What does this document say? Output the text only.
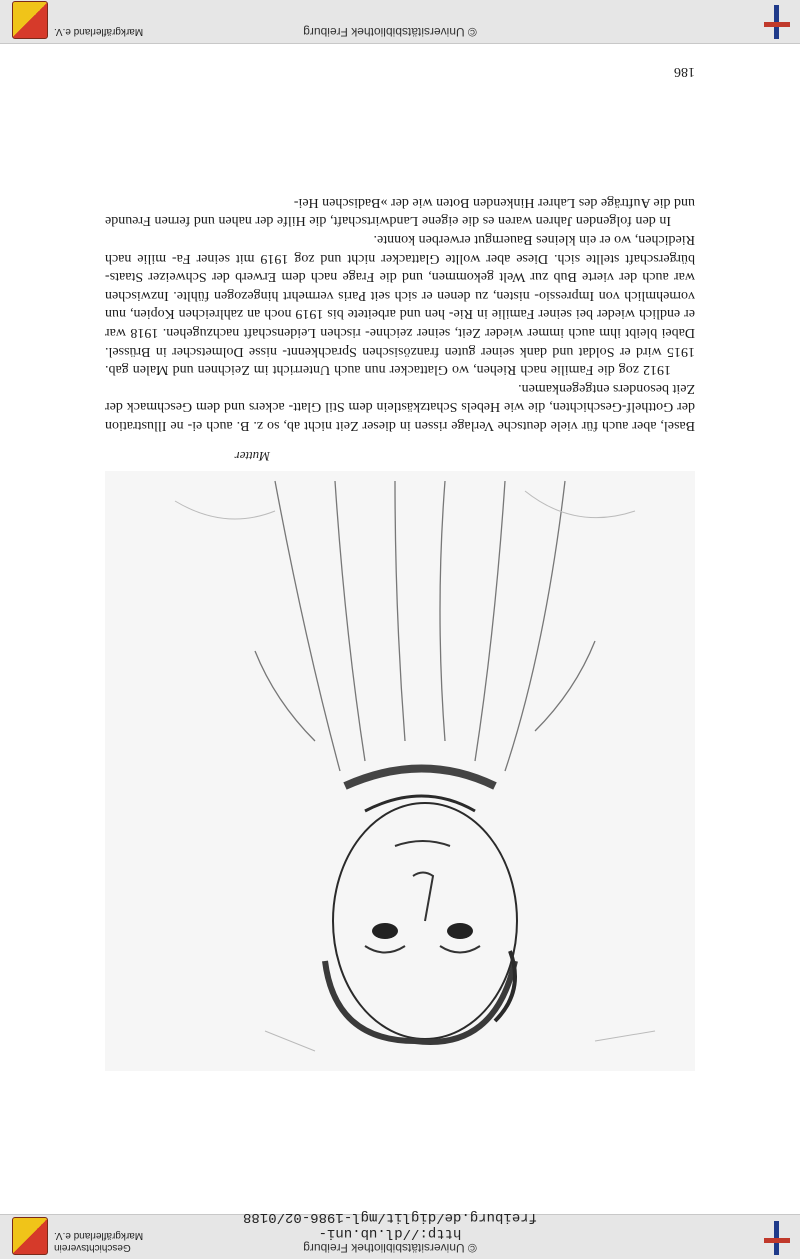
© Universitätsbibliothek Freiburg
http://dl.ub.uni-freiburg.de/diglit/mgl-1986-02/0188
Geschichtsverein
Markgräflerland e.V.
Mutter

Basel, aber auch für viele deutsche Verlage rissen in dieser Zeit nicht ab, so z. B. auch ei- ne Illustration der Gotthelf-Geschichten, die wie Hebels Schatzkästlein dem Stil Glatt- ackers und dem Geschmack der Zeit besonders entgegenkamen.

1912 zog die Familie nach Riehen, wo Glattacker nun auch Unterricht im Zeichnen und Malen gab. 1915 wird er Soldat und dank seiner guten französischen Sprachkennt- nisse Dolmetscher in Brüssel. Dabei bleibt ihm auch immer wieder Zeit, seiner zeichne- rischen Leidenschaft nachzugehen. 1918 war er endlich wieder bei seiner Familie in Rie- hen und arbeitete bis 1919 noch an zahlreichen Kopien, nun vornehmlich von Impressio- nisten, zu denen er sich seit Paris vermehrt hingezogen fühlte. Inzwischen war auch der vierte Bub zur Welt gekommen, und die Frage nach dem Erwerb der Schweizer Staats- bürgerschaft stellte sich. Diese aber wollte Glattacker nicht und zog 1919 mit seiner Fa- milie nach Riedichen, wo er ein kleines Bauerngut erwerben konnte.

In den folgenden Jahren waren es die eigene Landwirtschaft, die Hilfe der nahen und fernen Freunde und die Aufträge des Lahrer Hinkenden Boten wie der »Badischen Hei-

186
© Universitätsbibliothek Freiburg
Markgräflerland e.V.
